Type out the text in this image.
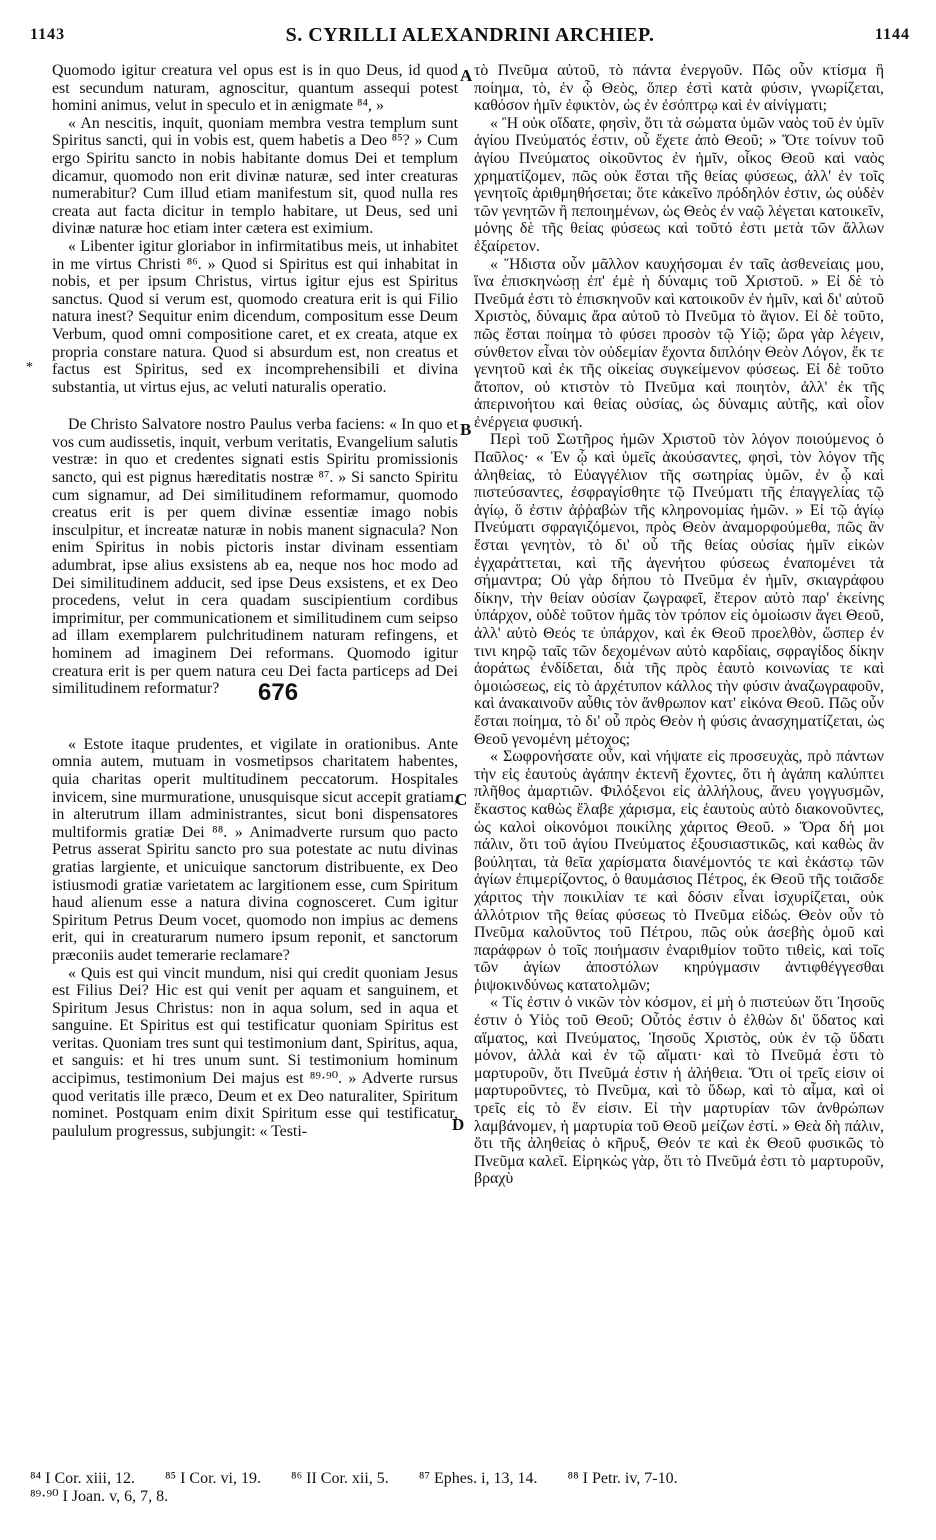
1143	S. CYRILLI ALEXANDRINI ARCHIEP.	1144
*

Quomodo igitur creatura vel opus est is in quo Deus, id quod est secundum naturam, agnoscitur, quantum assequi potest homini animus, velut in speculo et in ænigmate ⁸⁴, »

« An nescitis, inquit, quoniam membra vestra templum sunt Spiritus sancti, qui in vobis est, quem habetis a Deo ⁸⁵? » Cum ergo Spiritu sancto in nobis habitante domus Dei et templum dicamur, quomodo non erit divinæ naturæ, sed inter creaturas numerabitur? Cum illud etiam manifestum sit, quod nulla res creata aut facta dicitur in templo habitare, ut Deus, sed uni divinæ naturæ hoc etiam inter cætera est eximium.

« Libenter igitur gloriabor in infirmitatibus meis, ut inhabitet in me virtus Christi ⁸⁶. » Quod si Spiritus est qui inhabitat in nobis, et per ipsum Christus, virtus igitur ejus est Spiritus sanctus. Quod si verum est, quomodo creatura erit is qui Filio natura inest? Sequitur enim dicendum, compositum esse Deum Verbum, quod omni compositione caret, et ex creata, atque ex propria constare natura. Quod si absurdum est, non creatus et factus est Spiritus, sed ex incomprehensibili et divina substantia, ut virtus ejus, ac veluti naturalis operatio.

De Christo Salvatore nostro Paulus verba faciens: « In quo et vos cum audissetis, inquit, verbum veritatis, Evangelium salutis vestræ: in quo et credentes signati estis Spiritu promissionis sancto, qui est pignus hæreditatis nostræ ⁸⁷. » Si sancto Spiritu cum signamur, ad Dei similitudinem reformamur, quomodo creatus erit is per quem divinæ essentiæ imago nobis insculpitur, et increatæ naturæ in nobis manent signacula? Non enim Spiritus in nobis pictoris instar divinam essentiam adumbrat, ipse alius exsistens ab ea, neque nos hoc modo ad Dei similitudinem adducit, sed ipse Deus exsistens, et ex Deo procedens, velut in cera quadam suscipientium cordibus imprimitur, per communicationem et similitudinem cum seipso ad illam exemplarem pulchritudinem naturam refingens, et hominem ad imaginem Dei reformans. Quomodo igitur creatura erit is per quem natura ceu Dei facta particeps ad Dei similitudinem reformatur?

« Estote itaque prudentes, et vigilate in orationibus. Ante omnia autem, mutuam in vosmetipsos charitatem habentes, quia charitas operit multitudinem peccatorum. Hospitales invicem, sine murmuratione, unusquisque sicut accepit gratiam, in alterutrum illam administrantes, sicut boni dispensatores multiformis gratiæ Dei ⁸⁸. » Animadverte rursum quo pacto Petrus asserat Spiritu sancto pro sua potestate ac nutu divinas gratias largiente, et unicuique sanctorum distribuente, ex Deo istiusmodi gratiæ varietatem ac largitionem esse, cum Spiritum haud alienum esse a natura divina cognosceret. Cum igitur Spiritum Petrus Deum vocet, quomodo non impius ac demens erit, qui in creaturarum numero ipsum reponit, et sanctorum præconiis audet temerarie reclamare?

« Quis est qui vincit mundum, nisi qui credit quoniam Jesus est Filius Dei? Hic est qui venit per aquam et sanguinem, et Spiritum Jesus Christus: non in aqua solum, sed in aqua et sanguine. Et Spiritus est qui testificatur quoniam Spiritus est veritas. Quoniam tres sunt qui testimonium dant, Spiritus, aqua, et sanguis: et hi tres unum sunt. Si testimonium hominum accipimus, testimonium Dei majus est ⁸⁹·⁹⁰. » Adverte rursus quod veritatis ille præco, Deum et ex Deo naturaliter, Spiritum nominet. Postquam enim dixit Spiritum esse qui testificatur, paululum progressus, subjungit: « Testi-

676
A
B
C
D

τὸ Πνεῦμα αὐτοῦ, τὸ πάντα ἐνεργοῦν. Πῶς οὖν κτίσμα ἢ ποίημα, τὸ, ἐν ᾧ Θεὸς, ὅπερ ἐστὶ κατὰ φύσιν, γνωρίζεται, καθόσον ἡμῖν ἐφικτὸν, ὡς ἐν ἐσόπτρῳ καὶ ἐν αἰνίγματι;

« Ἢ οὐκ οἴδατε, φησὶν, ὅτι τὰ σώματα ὑμῶν ναὸς τοῦ ἐν ὑμῖν ἁγίου Πνεύματός ἐστιν, οὗ ἔχετε ἀπὸ Θεοῦ; » Ὅτε τοίνυν τοῦ ἁγίου Πνεύματος οἰκοῦντος ἐν ἡμῖν, οἶκος Θεοῦ καὶ ναὸς χρηματίζομεν, πῶς οὐκ ἔσται τῆς θείας φύσεως, ἀλλ' ἐν τοῖς γενητοῖς ἀριθμηθήσεται; ὅτε κἀκεῖνο πρόδηλόν ἐστιν, ὡς οὐδὲν τῶν γενητῶν ἢ πεποιημένων, ὡς Θεὸς ἐν ναῷ λέγεται κατοικεῖν, μόνης δὲ τῆς θείας φύσεως καὶ τοῦτό ἐστι μετὰ τῶν ἄλλων ἐξαίρετον.

« Ἥδιστα οὖν μᾶλλον καυχήσομαι ἐν ταῖς ἀσθενείαις μου, ἵνα ἐπισκηνώσῃ ἐπ' ἐμὲ ἡ δύναμις τοῦ Χριστοῦ. » Εἰ δὲ τὸ Πνεῦμά ἐστι τὸ ἐπισκηνοῦν καὶ κατοικοῦν ἐν ἡμῖν, καὶ δι' αὐτοῦ Χριστὸς, δύναμις ἄρα αὐτοῦ τὸ Πνεῦμα τὸ ἅγιον. Εἰ δὲ τοῦτο, πῶς ἔσται ποίημα τὸ φύσει προσὸν τῷ Υἱῷ; ὥρα γὰρ λέγειν, σύνθετον εἶναι τὸν οὐδεμίαν ἔχοντα διπλόην Θεὸν Λόγον, ἔκ τε γενητοῦ καὶ ἐκ τῆς οἰκείας συγκείμενον φύσεως. Εἰ δὲ τοῦτο ἄτοπον, οὐ κτιστὸν τὸ Πνεῦμα καὶ ποιητὸν, ἀλλ' ἐκ τῆς ἀπερινοήτου καὶ θείας οὐσίας, ὡς δύναμις αὐτῆς, καὶ οἷον ἐνέργεια φυσική.

Περὶ τοῦ Σωτῆρος ἡμῶν Χριστοῦ τὸν λόγον ποιούμενος ὁ Παῦλος· « Ἐν ᾧ καὶ ὑμεῖς ἀκούσαντες, φησὶ, τὸν λόγον τῆς ἀληθείας, τὸ Εὐαγγέλιον τῆς σωτηρίας ὑμῶν, ἐν ᾧ καὶ πιστεύσαντες, ἐσφραγίσθητε τῷ Πνεύματι τῆς ἐπαγγελίας τῷ ἁγίῳ, ὅ ἐστιν ἀῤῥαβὼν τῆς κληρονομίας ἡμῶν. » Εἰ τῷ ἁγίῳ Πνεύματι σφραγιζόμενοι, πρὸς Θεὸν ἀναμορφούμεθα, πῶς ἂν ἔσται γενητὸν, τὸ δι' οὗ τῆς θείας οὐσίας ἡμῖν εἰκὼν ἐγχαράττεται, καὶ τῆς ἀγενήτου φύσεως ἐναπομένει τὰ σήμαντρα; Οὐ γὰρ δήπου τὸ Πνεῦμα ἐν ἡμῖν, σκιαγράφου δίκην, τὴν θείαν οὐσίαν ζωγραφεῖ, ἕτερον αὐτὸ παρ' ἐκείνης ὑπάρχον, οὐδὲ τοῦτον ἡμᾶς τὸν τρόπον εἰς ὁμοίωσιν ἄγει Θεοῦ, ἀλλ' αὐτὸ Θεός τε ὑπάρχον, καὶ ἐκ Θεοῦ προελθὸν, ὥσπερ ἐν τινι κηρῷ ταῖς τῶν δεχομένων αὐτὸ καρδίαις, σφραγίδος δίκην ἀοράτως ἐνδίδεται, διὰ τῆς πρὸς ἑαυτὸ κοινωνίας τε καὶ ὁμοιώσεως, εἰς τὸ ἀρχέτυπον κάλλος τὴν φύσιν ἀναζωγραφοῦν, καὶ ἀνακαινοῦν αὖθις τὸν ἄνθρωπον κατ' εἰκόνα Θεοῦ. Πῶς οὖν ἔσται ποίημα, τὸ δι' οὗ πρὸς Θεὸν ἡ φύσις ἀνασχηματίζεται, ὡς Θεοῦ γενομένη μέτοχος;

« Σωφρονήσατε οὖν, καὶ νήψατε εἰς προσευχὰς, πρὸ πάντων τὴν εἰς ἑαυτοὺς ἀγάπην ἐκτενῆ ἔχοντες, ὅτι ἡ ἀγάπη καλύπτει πλῆθος ἁμαρτιῶν. Φιλόξενοι εἰς ἀλλήλους, ἄνευ γογγυσμῶν, ἕκαστος καθὼς ἔλαβε χάρισμα, εἰς ἑαυτοὺς αὐτὸ διακονοῦντες, ὡς καλοὶ οἰκονόμοι ποικίλης χάριτος Θεοῦ. » Ὅρα δή μοι πάλιν, ὅτι τοῦ ἁγίου Πνεύματος ἐξουσιαστικῶς, καὶ καθὼς ἂν βούληται, τὰ θεῖα χαρίσματα διανέμοντός τε καὶ ἑκάστῳ τῶν ἁγίων ἐπιμερίζοντος, ὁ θαυμάσιος Πέτρος, ἐκ Θεοῦ τῆς τοιᾶσδε χάριτος τὴν ποικιλίαν τε καὶ δόσιν εἶναι ἰσχυρίζεται, οὐκ ἀλλότριον τῆς θείας φύσεως τὸ Πνεῦμα εἰδώς. Θεὸν οὖν τὸ Πνεῦμα καλοῦντος τοῦ Πέτρου, πῶς οὐκ ἀσεβὴς ὁμοῦ καὶ παράφρων ὁ τοῖς ποιήμασιν ἐναριθμίον τοῦτο τιθεὶς, καὶ τοῖς τῶν ἁγίων ἀποστόλων κηρύγμασιν ἀντιφθέγγεσθαι ῥιψοκινδύνως κατατολμῶν;

« Τίς ἐστιν ὁ νικῶν τὸν κόσμον, εἰ μὴ ὁ πιστεύων ὅτι Ἰησοῦς ἐστιν ὁ Υἱὸς τοῦ Θεοῦ; Οὗτός ἐστιν ὁ ἐλθὼν δι' ὕδατος καὶ αἵματος, καὶ Πνεύματος, Ἰησοῦς Χριστὸς, οὐκ ἐν τῷ ὕδατι μόνον, ἀλλὰ καὶ ἐν τῷ αἵματι· καὶ τὸ Πνεῦμά ἐστι τὸ μαρτυροῦν, ὅτι Πνεῦμά ἐστιν ἡ ἀλήθεια. Ὅτι οἱ τρεῖς εἰσιν οἱ μαρτυροῦντες, τὸ Πνεῦμα, καὶ τὸ ὕδωρ, καὶ τὸ αἷμα, καὶ οἱ τρεῖς εἰς τὸ ἕν εἰσιν. Εἰ τὴν μαρτυρίαν τῶν ἀνθρώπων λαμβάνομεν, ἡ μαρτυρία τοῦ Θεοῦ μείζων ἐστί. » Θεὰ δὴ πάλιν, ὅτι τῆς ἀληθείας ὁ κῆρυξ, Θεόν τε καὶ ἐκ Θεοῦ φυσικῶς τὸ Πνεῦμα καλεῖ. Εἰρηκὼς γὰρ, ὅτι τὸ Πνεῦμά ἐστι τὸ μαρτυροῦν, βραχὺ

⁸⁴ I Cor. xiii, 12. ⁸⁵ I Cor. vi, 19. ⁸⁶ II Cor. xii, 5. ⁸⁷ Ephes. i, 13, 14. ⁸⁸ I Petr. iv, 7-10.
⁸⁹·⁹⁰ I Joan. v, 6, 7, 8.
